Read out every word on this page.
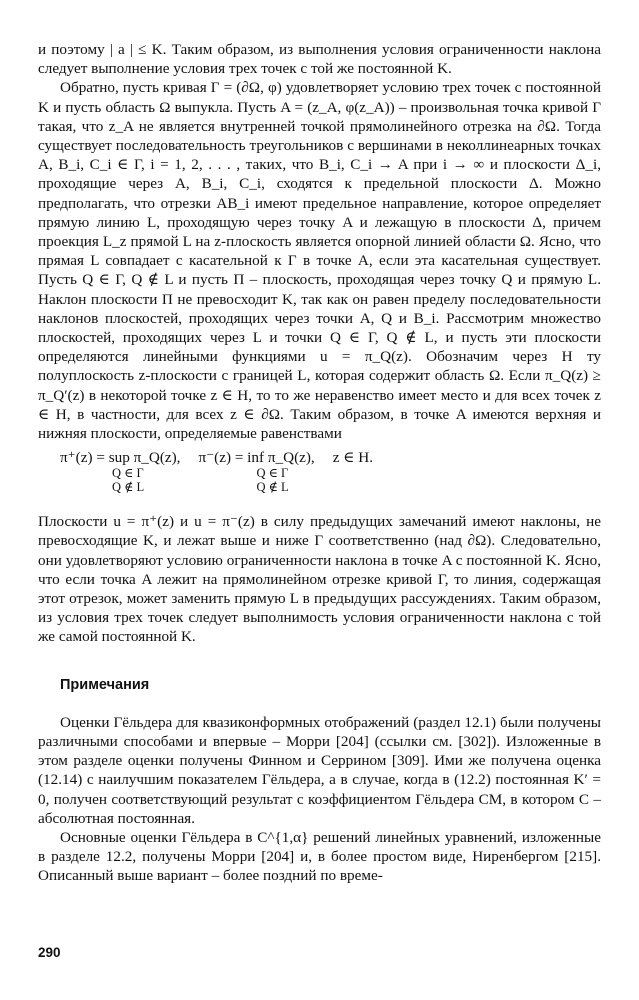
и поэтому | a | ≤ K. Таким образом, из выполнения условия ограниченности наклона следует выполнение условия трех точек с той же постоянной K.

Обратно, пусть кривая Γ = (∂Ω, φ) удовлетворяет условию трех точек с постоянной K и пусть область Ω выпукла. Пусть A = (z_A, φ(z_A)) – произвольная точка кривой Γ такая, что z_A не является внутренней точкой прямолинейного отрезка на ∂Ω. Тогда существует последовательность треугольников с вершинами в неколлинеарных точках A, B_i, C_i ∈ Γ, i = 1, 2, . . . , таких, что B_i, C_i → A при i → ∞ и плоскости Δ_i, проходящие через A, B_i, C_i, сходятся к предельной плоскости Δ. Можно предполагать, что отрезки AB_i имеют предельное направление, которое определяет прямую линию L, проходящую через точку A и лежащую в плоскости Δ, причем проекция L_z прямой L на z-плоскость является опорной линией области Ω. Ясно, что прямая L совпадает с касательной к Γ в точке A, если эта касательная существует. Пусть Q ∈ Γ, Q ∉ L и пусть Π – плоскость, проходящая через точку Q и прямую L. Наклон плоскости Π не превосходит K, так как он равен пределу последовательности наклонов плоскостей, проходящих через точки A, Q и B_i. Рассмотрим множество плоскостей, проходящих через L и точки Q ∈ Γ, Q ∉ L, и пусть эти плоскости определяются линейными функциями u = π_Q(z). Обозначим через H ту полуплоскость z-плоскости с границей L, которая содержит область Ω. Если π_Q(z) ≥ π_Q′(z) в некоторой точке z ∈ H, то то же неравенство имеет место и для всех точек z ∈ H, в частности, для всех z ∈ ∂Ω. Таким образом, в точке A имеются верхняя и нижняя плоскости, определяемые равенствами

π⁺(z) = sup π_Q(z),
Q ∈ Γ
Q ∉ L
π⁻(z) = inf π_Q(z),
Q ∈ Γ
Q ∉ L
z ∈ H.

Плоскости u = π⁺(z) и u = π⁻(z) в силу предыдущих замечаний имеют наклоны, не превосходящие K, и лежат выше и ниже Γ соответственно (над ∂Ω). Следовательно, они удовлетворяют условию ограниченности наклона в точке A с постоянной K. Ясно, что если точка A лежит на прямолинейном отрезке кривой Γ, то линия, содержащая этот отрезок, может заменить прямую L в предыдущих рассуждениях. Таким образом, из условия трех точек следует выполнимость условия ограниченности наклона с той же самой постоянной K.

Примечания

Оценки Гёльдера для квазиконформных отображений (раздел 12.1) были получены различными способами и впервые – Морри [204] (ссылки см. [302]). Изложенные в этом разделе оценки получены Финном и Серрином [309]. Ими же получена оценка (12.14) с наилучшим показателем Гёльдера, а в случае, когда в (12.2) постоянная K′ = 0, получен соответствующий результат с коэффициентом Гёльдера CM, в котором C – абсолютная постоянная.

Основные оценки Гёльдера в C^{1,α} решений линейных уравнений, изложенные в разделе 12.2, получены Морри [204] и, в более простом виде, Ниренбергом [215]. Описанный выше вариант – более поздний по време-

290
